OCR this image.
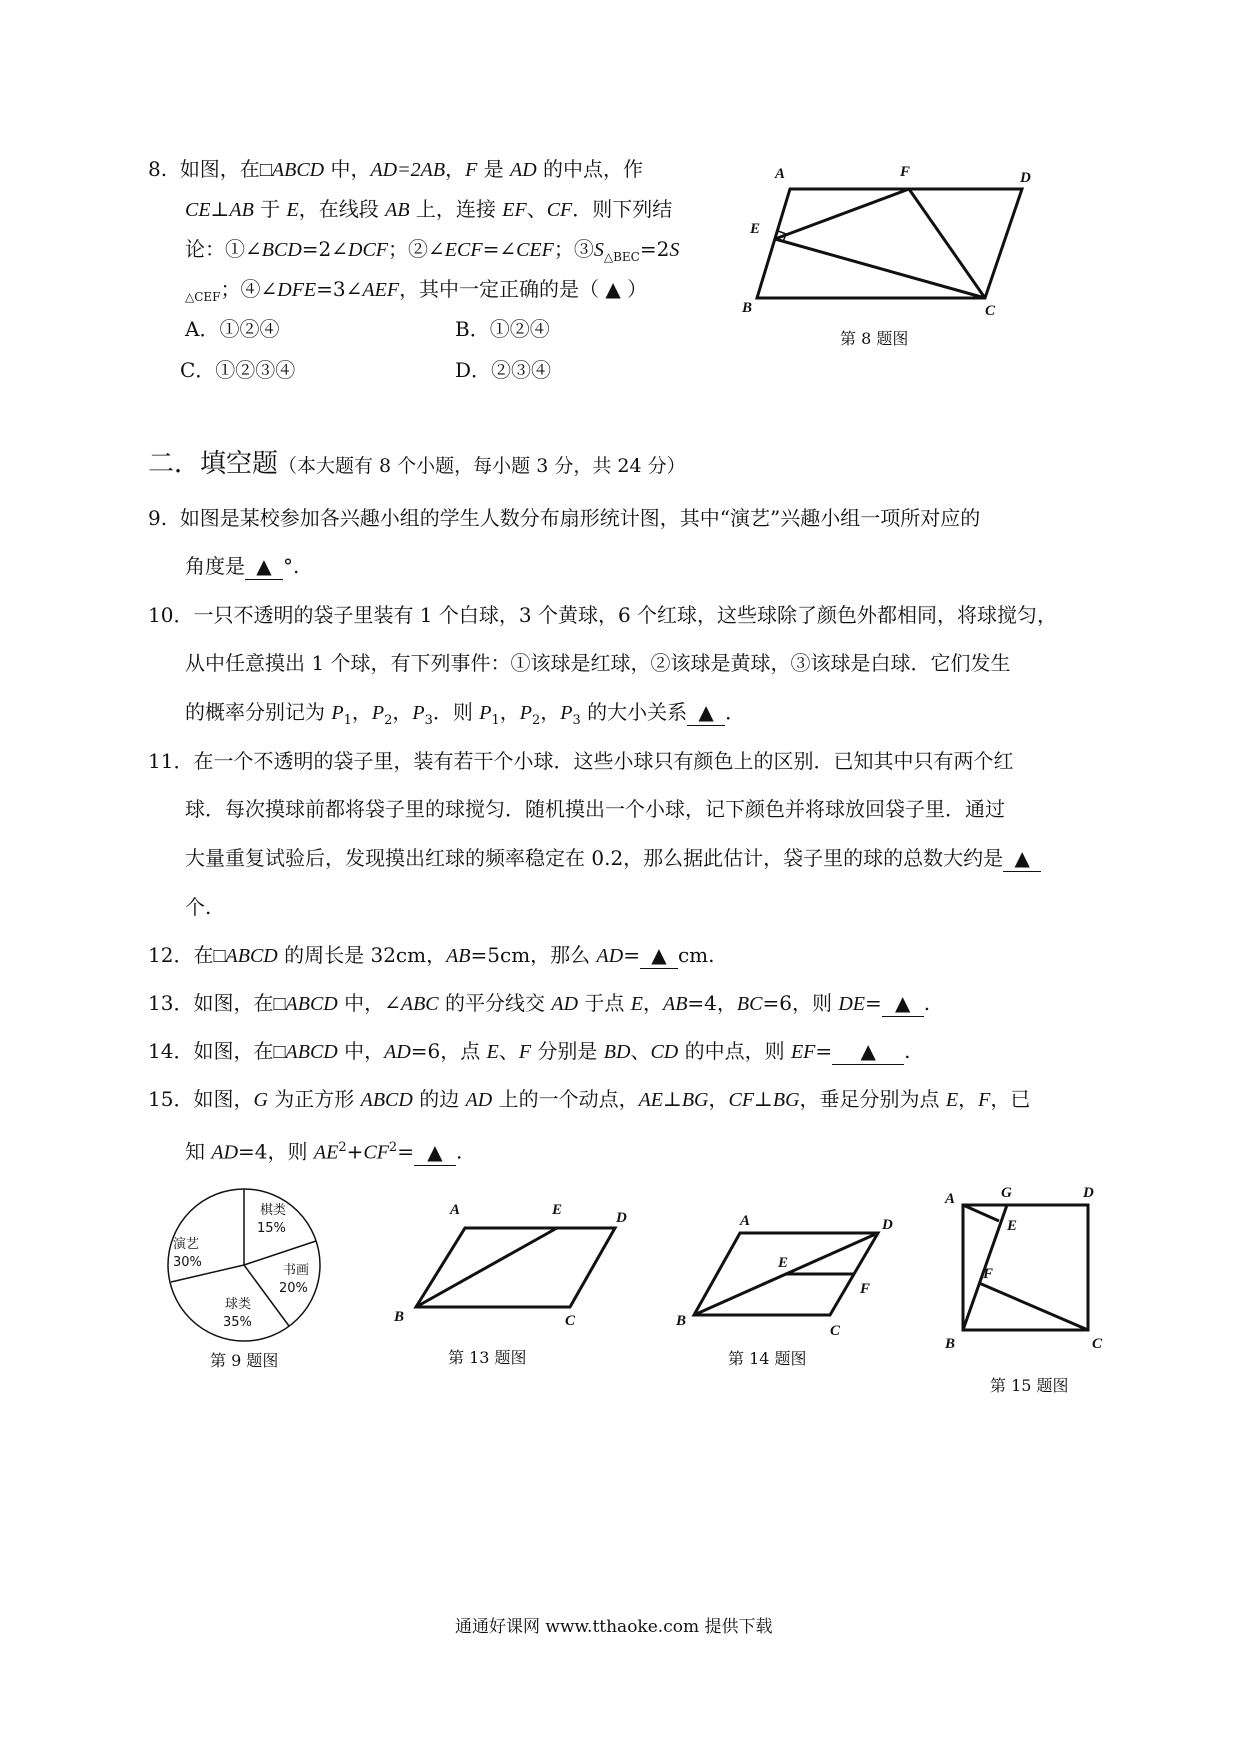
8. 如图，在□ABCD 中，AD=2AB，F 是 AD 的中点，作
CE⊥AB 于 E，在线段 AB 上，连接 EF、CF．则下列结
论：①∠BCD=2∠DCF；②∠ECF=∠CEF；$③S_{\triangle BEC}=2S$
$_{\triangle CEF}$；④∠DFE=3∠AEF，其中一定正确的是（ ▲ ）
A．①②④	B．①②④
C．①②③④	D．②③④
A	F	D
E
B	C
第 8 题图
二．填空题（本大题有 8 个小题，每小题 3 分，共 24 分）
9. 如图是某校参加各兴趣小组的学生人数分布扇形统计图，其中“演艺”兴趣小组一项所对应的
角度是 ▲ °.
10．一只不透明的袋子里装有 1 个白球，3 个黄球，6 个红球，这些球除了颜色外都相同，将球搅匀，
从中任意摸出 1 个球，有下列事件：①该球是红球，②该球是黄球，③该球是白球．它们发生
的概率分别记为 $P_1$，$P_2$，$P_3$．则 $P_1$，$P_2$，$P_3$ 的大小关系 ▲ ．
11．在一个不透明的袋子里，装有若干个小球．这些小球只有颜色上的区别．已知其中只有两个红
球．每次摸球前都将袋子里的球搅匀．随机摸出一个小球，记下颜色并将球放回袋子里．通过
大量重复试验后，发现摸出红球的频率稳定在 0.2，那么据此估计，袋子里的球的总数大约是 ▲
个.
12．在□ABCD 的周长是 32cm，AB=5cm，那么 AD= ▲ cm.
13．如图，在□ABCD 中，∠ABC 的平分线交 AD 于点 E，AB=4，BC=6，则 DE= ▲ .
14．如图，在□ABCD 中，AD=6，点 E、F 分别是 BD、CD 的中点，则 EF= ▲ .
15．如图，G 为正方形 ABCD 的边 AD 上的一个动点，AE⊥BG，CF⊥BG，垂足分别为点 E，F，已
知 AD=4，则 $AE^2+CF^2=$ ▲ .
演艺
30%
棋类
15%
书画
20%
球类
35%
第 9 题图
A	E	D
B	C
第 13 题图
A	D
E
F
B
C
第 14 题图
A	G	D
E
F
B	C
第 15 题图
通通好课网 www.tthaoke.com 提供下载
